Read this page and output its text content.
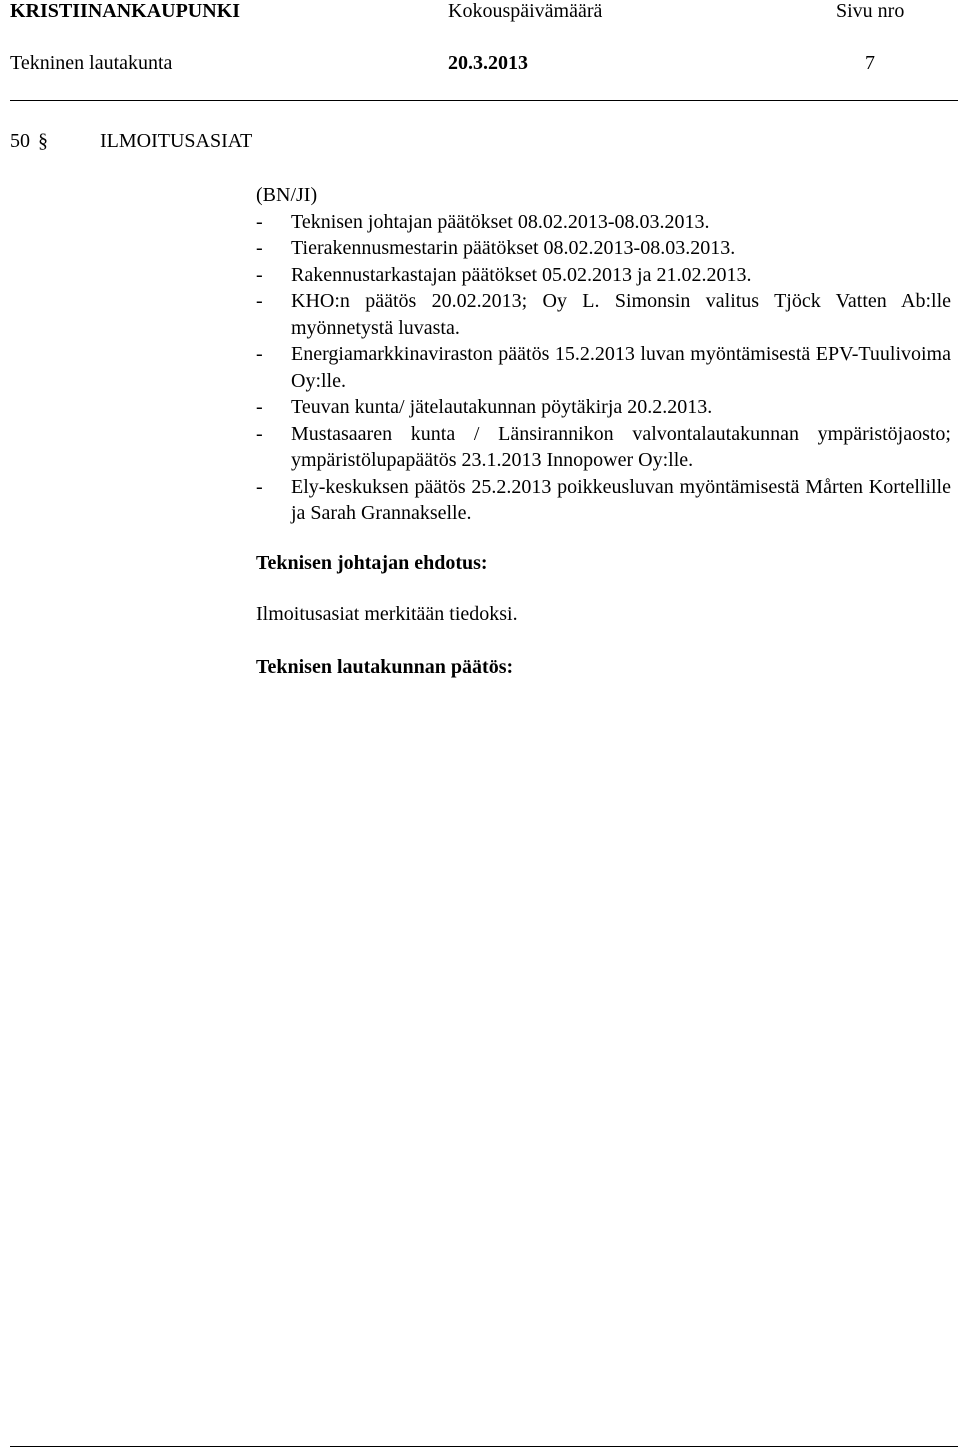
KRISTIINANKAUPUNKI	Kokouspäivämäärä	Sivu nro
Tekninen lautakunta	20.3.2013	7
50 §	ILMOITUSASIAT
(BN/JI)
- Teknisen johtajan päätökset 08.02.2013-08.03.2013.
- Tierakennusmestarin päätökset 08.02.2013-08.03.2013.
- Rakennustarkastajan päätökset 05.02.2013 ja 21.02.2013.
- KHO:n päätös 20.02.2013; Oy L. Simonsin valitus Tjöck Vatten Ab:lle myönnetystä luvasta.
- Energiamarkkinaviraston päätös 15.2.2013 luvan myöntämisestä EPV-Tuulivoima Oy:lle.
- Teuvan kunta/ jätelautakunnan pöytäkirja 20.2.2013.
- Mustasaaren kunta / Länsirannikon valvontalautakunnan ympäristöjaosto; ympäristölupapäätös 23.1.2013 Innopower Oy:lle.
- Ely-keskuksen päätös 25.2.2013 poikkeusluvan myöntämisestä Mårten Kortellille ja Sarah Grannakselle.
Teknisen johtajan ehdotus:
Ilmoitusasiat merkitään tiedoksi.
Teknisen lautakunnan päätös:
